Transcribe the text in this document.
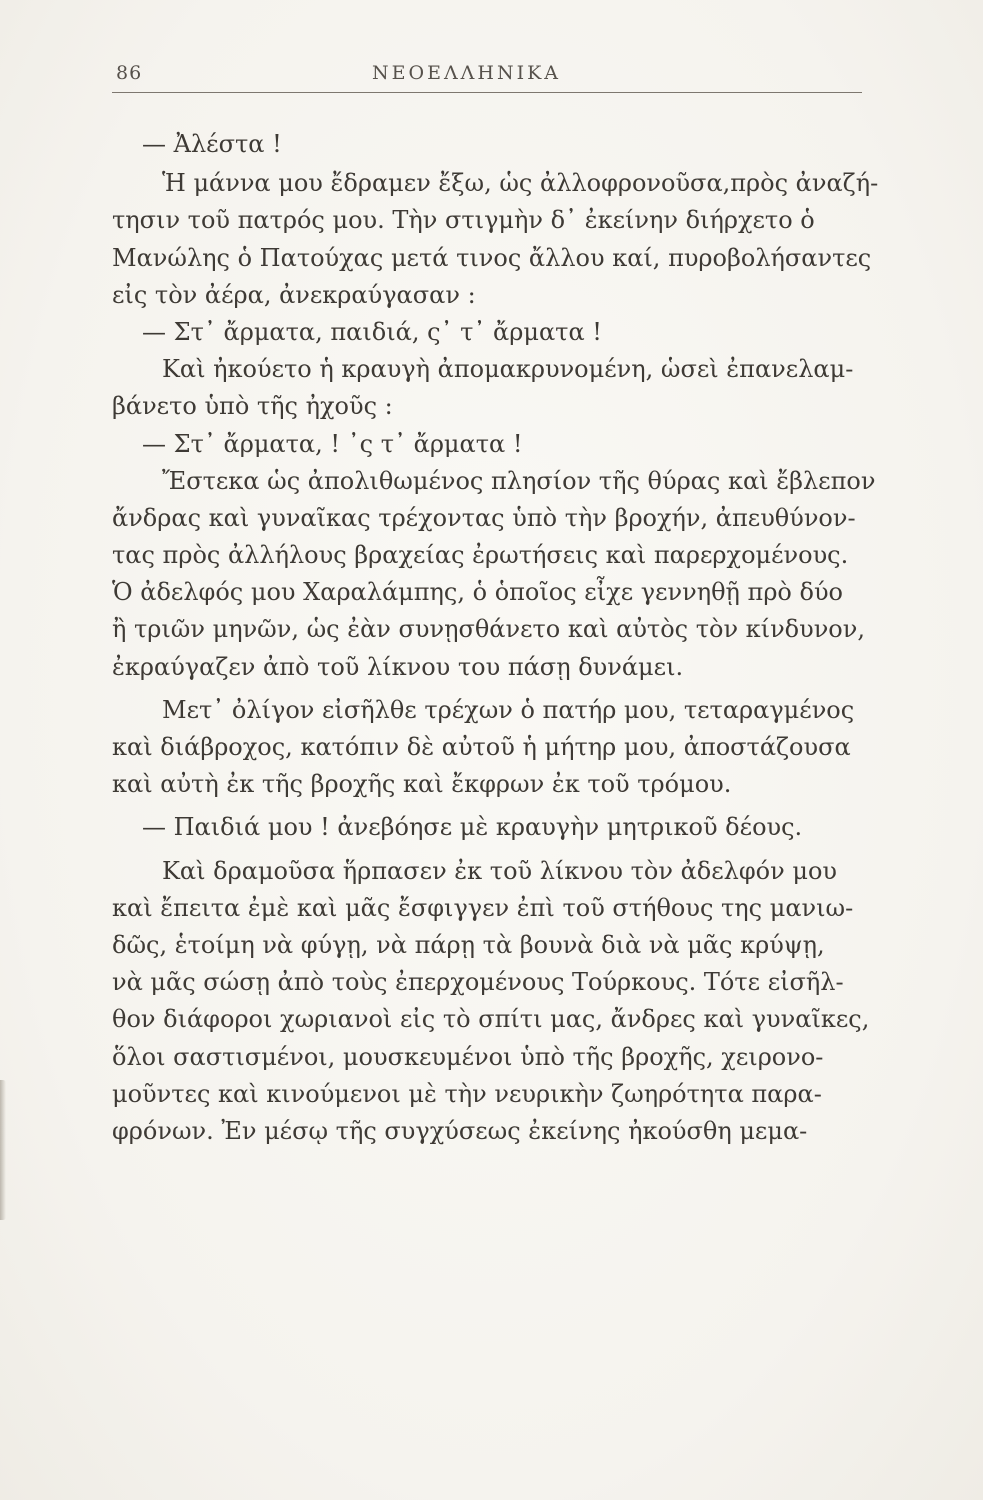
86	ΝΕΟΕΛΛΗΝΙΚΑ
— Ἀλέστα !
Ἡ μάννα μου ἔδραμεν ἔξω, ὡς ἀλλοφρονοῦσα,πρὸς ἀναζή-
τησιν τοῦ πατρός μου. Τὴν στιγμὴν δ᾽ ἐκείνην διήρχετο ὁ
Μανώλης ὁ Πατούχας μετά τινος ἄλλου καί, πυροβολήσαντες
εἰς τὸν ἀέρα, ἀνεκραύγασαν :
— Στ᾽ ἄρματα, παιδιά, ς᾽ τ᾽ ἄρματα !
Καὶ ἠκούετο ἡ κραυγὴ ἀπομακρυνομένη, ὡσεὶ ἐπανελαμ-
βάνετο ὑπὸ τῆς ἠχοῦς :
— Στ᾽ ἄρματα, ! ᾽ς τ᾽ ἄρματα !
Ἔστεκα ὡς ἀπολιθωμένος πλησίον τῆς θύρας καὶ ἔβλεπον
ἄνδρας καὶ γυναῖκας τρέχοντας ὑπὸ τὴν βροχήν, ἀπευθύνον-
τας πρὸς ἀλλήλους βραχείας ἐρωτήσεις καὶ παρερχομένους.
Ὁ ἀδελφός μου Χαραλάμπης, ὁ ὁποῖος εἶχε γεννηθῇ πρὸ δύο
ἢ τριῶν μηνῶν, ὡς ἐὰν συνῃσθάνετο καὶ αὐτὸς τὸν κίνδυνον,
ἐκραύγαζεν ἀπὸ τοῦ λίκνου του πάσῃ δυνάμει.
Μετ᾽ ὀλίγον εἰσῆλθε τρέχων ὁ πατήρ μου, τεταραγμένος
καὶ διάβροχος, κατόπιν δὲ αὐτοῦ ἡ μήτηρ μου, ἀποστάζουσα
καὶ αὐτὴ ἐκ τῆς βροχῆς καὶ ἔκφρων ἐκ τοῦ τρόμου.
— Παιδιά μου ! ἀνεβόησε μὲ κραυγὴν μητρικοῦ δέους.
Καὶ δραμοῦσα ἥρπασεν ἐκ τοῦ λίκνου τὸν ἀδελφόν μου
καὶ ἔπειτα ἐμὲ καὶ μᾶς ἔσφιγγεν ἐπὶ τοῦ στήθους της μανιω-
δῶς, ἑτοίμη νὰ φύγῃ, νὰ πάρῃ τὰ βουνὰ διὰ νὰ μᾶς κρύψῃ,
νὰ μᾶς σώσῃ ἀπὸ τοὺς ἐπερχομένους Τούρκους. Τότε εἰσῆλ-
θον διάφοροι χωριανοὶ εἰς τὸ σπίτι μας, ἄνδρες καὶ γυναῖκες,
ὅλοι σαστισμένοι, μουσκευμένοι ὑπὸ τῆς βροχῆς, χειρονο-
μοῦντες καὶ κινούμενοι μὲ τὴν νευρικὴν ζωηρότητα παρα-
φρόνων. Ἐν μέσῳ τῆς συγχύσεως ἐκείνης ἠκούσθη μεμα-
